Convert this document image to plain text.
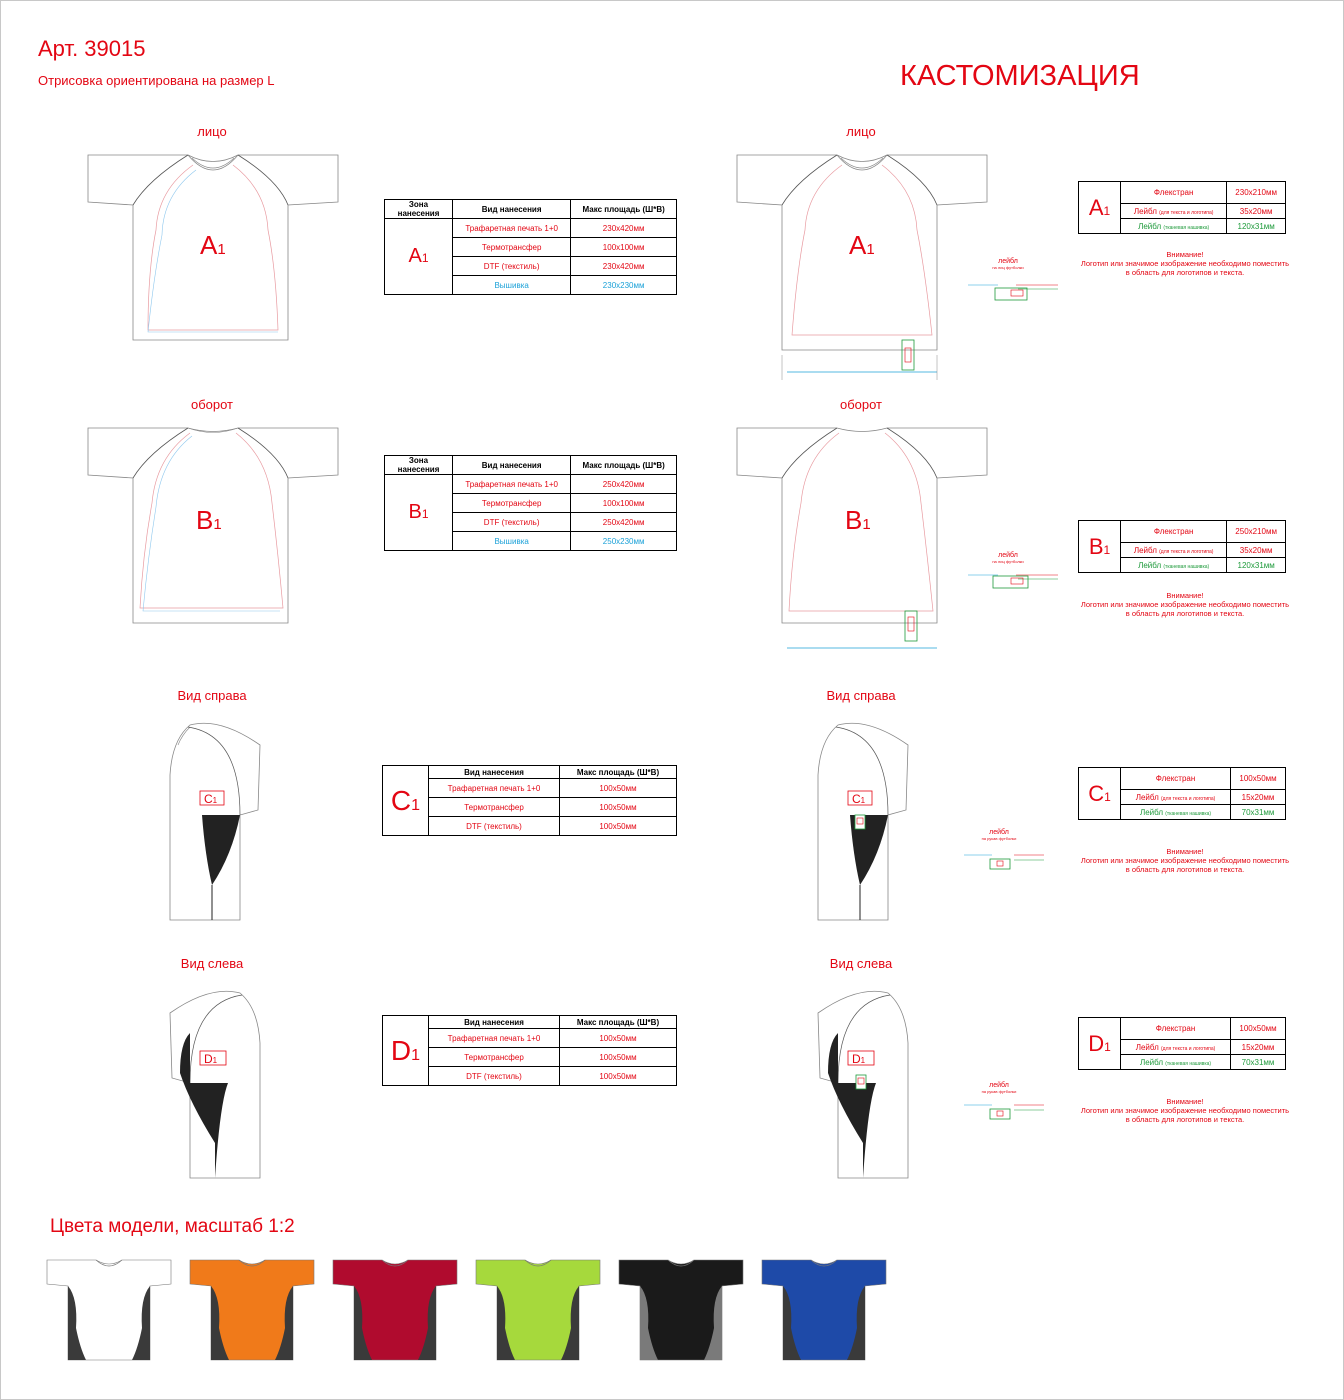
Арт. 39015
Отрисовка ориентирована на размер L	КАСТОМИЗАЦИЯ
лицо
оборот
Вид справа
Вид слева
лицо
оборот
Вид справа
Вид слева
A1
B1
C1
D1
Зона нанесения	Вид нанесения	Макс площадь (Ш*В)
A1	Трафаретная печать 1+0	230х420мм
	Термотрансфер	100х100мм
	DTF (текстиль)	230х420мм
	Вышивка	230х230мм
Зона нанесения	Вид нанесения	Макс площадь (Ш*В)
B1	Трафаретная печать 1+0	250х420мм
	Термотрансфер	100х100мм
	DTF (текстиль)	250х420мм
	Вышивка	250х230мм
C1	Вид нанесения	Макс площадь (Ш*В)
	Трафаретная печать 1+0	100х50мм
	Термотрансфер	100х50мм
	DTF (текстиль)	100х50мм
D1	Вид нанесения	Макс площадь (Ш*В)
	Трафаретная печать 1+0	100х50мм
	Термотрансфер	100х50мм
	DTF (текстиль)	100х50мм
A1
B1
C1
D1
лейбл
на лиц футболки
лейбл
на лиц футболки
лейбл
на рукав футболки
лейбл
на рукав футболки
A1	Флекстран	230х210мм
	Лейбл (для текста и логотипа)	35х20мм
	Лейбл (тканевая нашивка)	120х31мм
Внимание!
Логотип или значимое изображение необходимо поместить
в область для логотипов и текста.
B1	Флекстран	250х210мм
	Лейбл (для текста и логотипа)	35х20мм
	Лейбл (тканевая нашивка)	120х31мм
Внимание!
Логотип или значимое изображение необходимо поместить
в область для логотипов и текста.
C1	Флекстран	100х50мм
	Лейбл (для текста и логотипа)	15х20мм
	Лейбл (тканевая нашивка)	70х31мм
Внимание!
Логотип или значимое изображение необходимо поместить
в область для логотипов и текста.
D1	Флекстран	100х50мм
	Лейбл (для текста и логотипа)	15х20мм
	Лейбл (тканевая нашивка)	70х31мм
Внимание!
Логотип или значимое изображение необходимо поместить
в область для логотипов и текста.
Цвета модели, масштаб 1:2
